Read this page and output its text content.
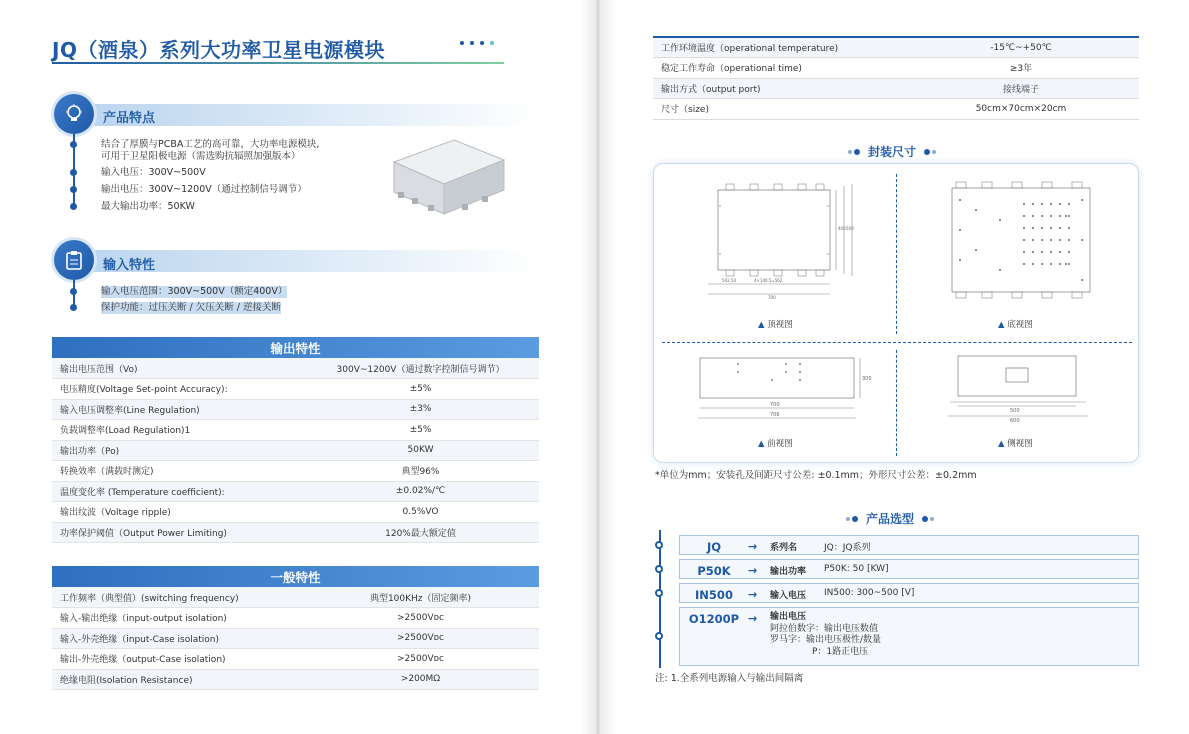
JQ（酒泉）系列大功率卫星电源模块
产品特点
结合了厚膜与PCBA工艺的高可靠，大功率电源模块,
可用于卫星阳极电源（需选购抗辐照加强版本）
输入电压：300V~500V
输出电压：300V~1200V（通过控制信号调节）
最大输出功率：50KW
输入特性
输入电压范围：300V~500V（额定400V）
保护功能：过压关断 / 欠压关断 / 逆接关断
输出特性
输出电压范围（Vo)	300V~1200V（通过数字控制信号调节）
电压精度(Voltage Set-point Accuracy):	±5%
输入电压调整率(Line Regulation)	±3%
负载调整率(Load Regulation)1	±5%
输出功率（Po)	50KW
转换效率（满载时测定)	典型96%
温度变化率 (Temperature coefficient):	±0.02%/℃
输出纹波（Voltage ripple)	0.5%VO
功率保护阈值（Output Power Limiting)	120%最大额定值
一般特性
工作频率（典型值）(switching frequency)	典型100KHz（固定频率)
输入-输出绝缘（input-output isolation)	>2500Vᴅᴄ
输入-外壳绝缘（input-Case isolation)	>2500Vᴅᴄ
输出-外壳绝缘（output-Case isolation)	>2500Vᴅᴄ
绝缘电阻(Isolation Resistance)	>200MΩ
工作环境温度（operational temperature)	-15℃~+50℃
稳定工作寿命（operational time)	≥3年
输出方式（output port)	接线端子
尺寸（size)	50cm×70cm×20cm
封装尺寸
542.50	4×140.5=562
700
400 500
▲ 顶视图	▲ 底视图
700
706
300
▲ 前视图
500
600
▲ 侧视图
*单位为mm；安装孔及间距尺寸公差: ±0.1mm；外形尺寸公差：±0.2mm
产品选型
JQ	→	系列名	JQ：JQ系列
P50K	→	输出功率	P50K: 50 [KW]
IN500	→	输入电压	IN500: 300~500 [V]
O1200P →	输出电压
阿拉伯数字：输出电压数值
罗马字：输出电压极性/数量
P：1路正电压
注: 1.全系列电源输入与输出间隔离
